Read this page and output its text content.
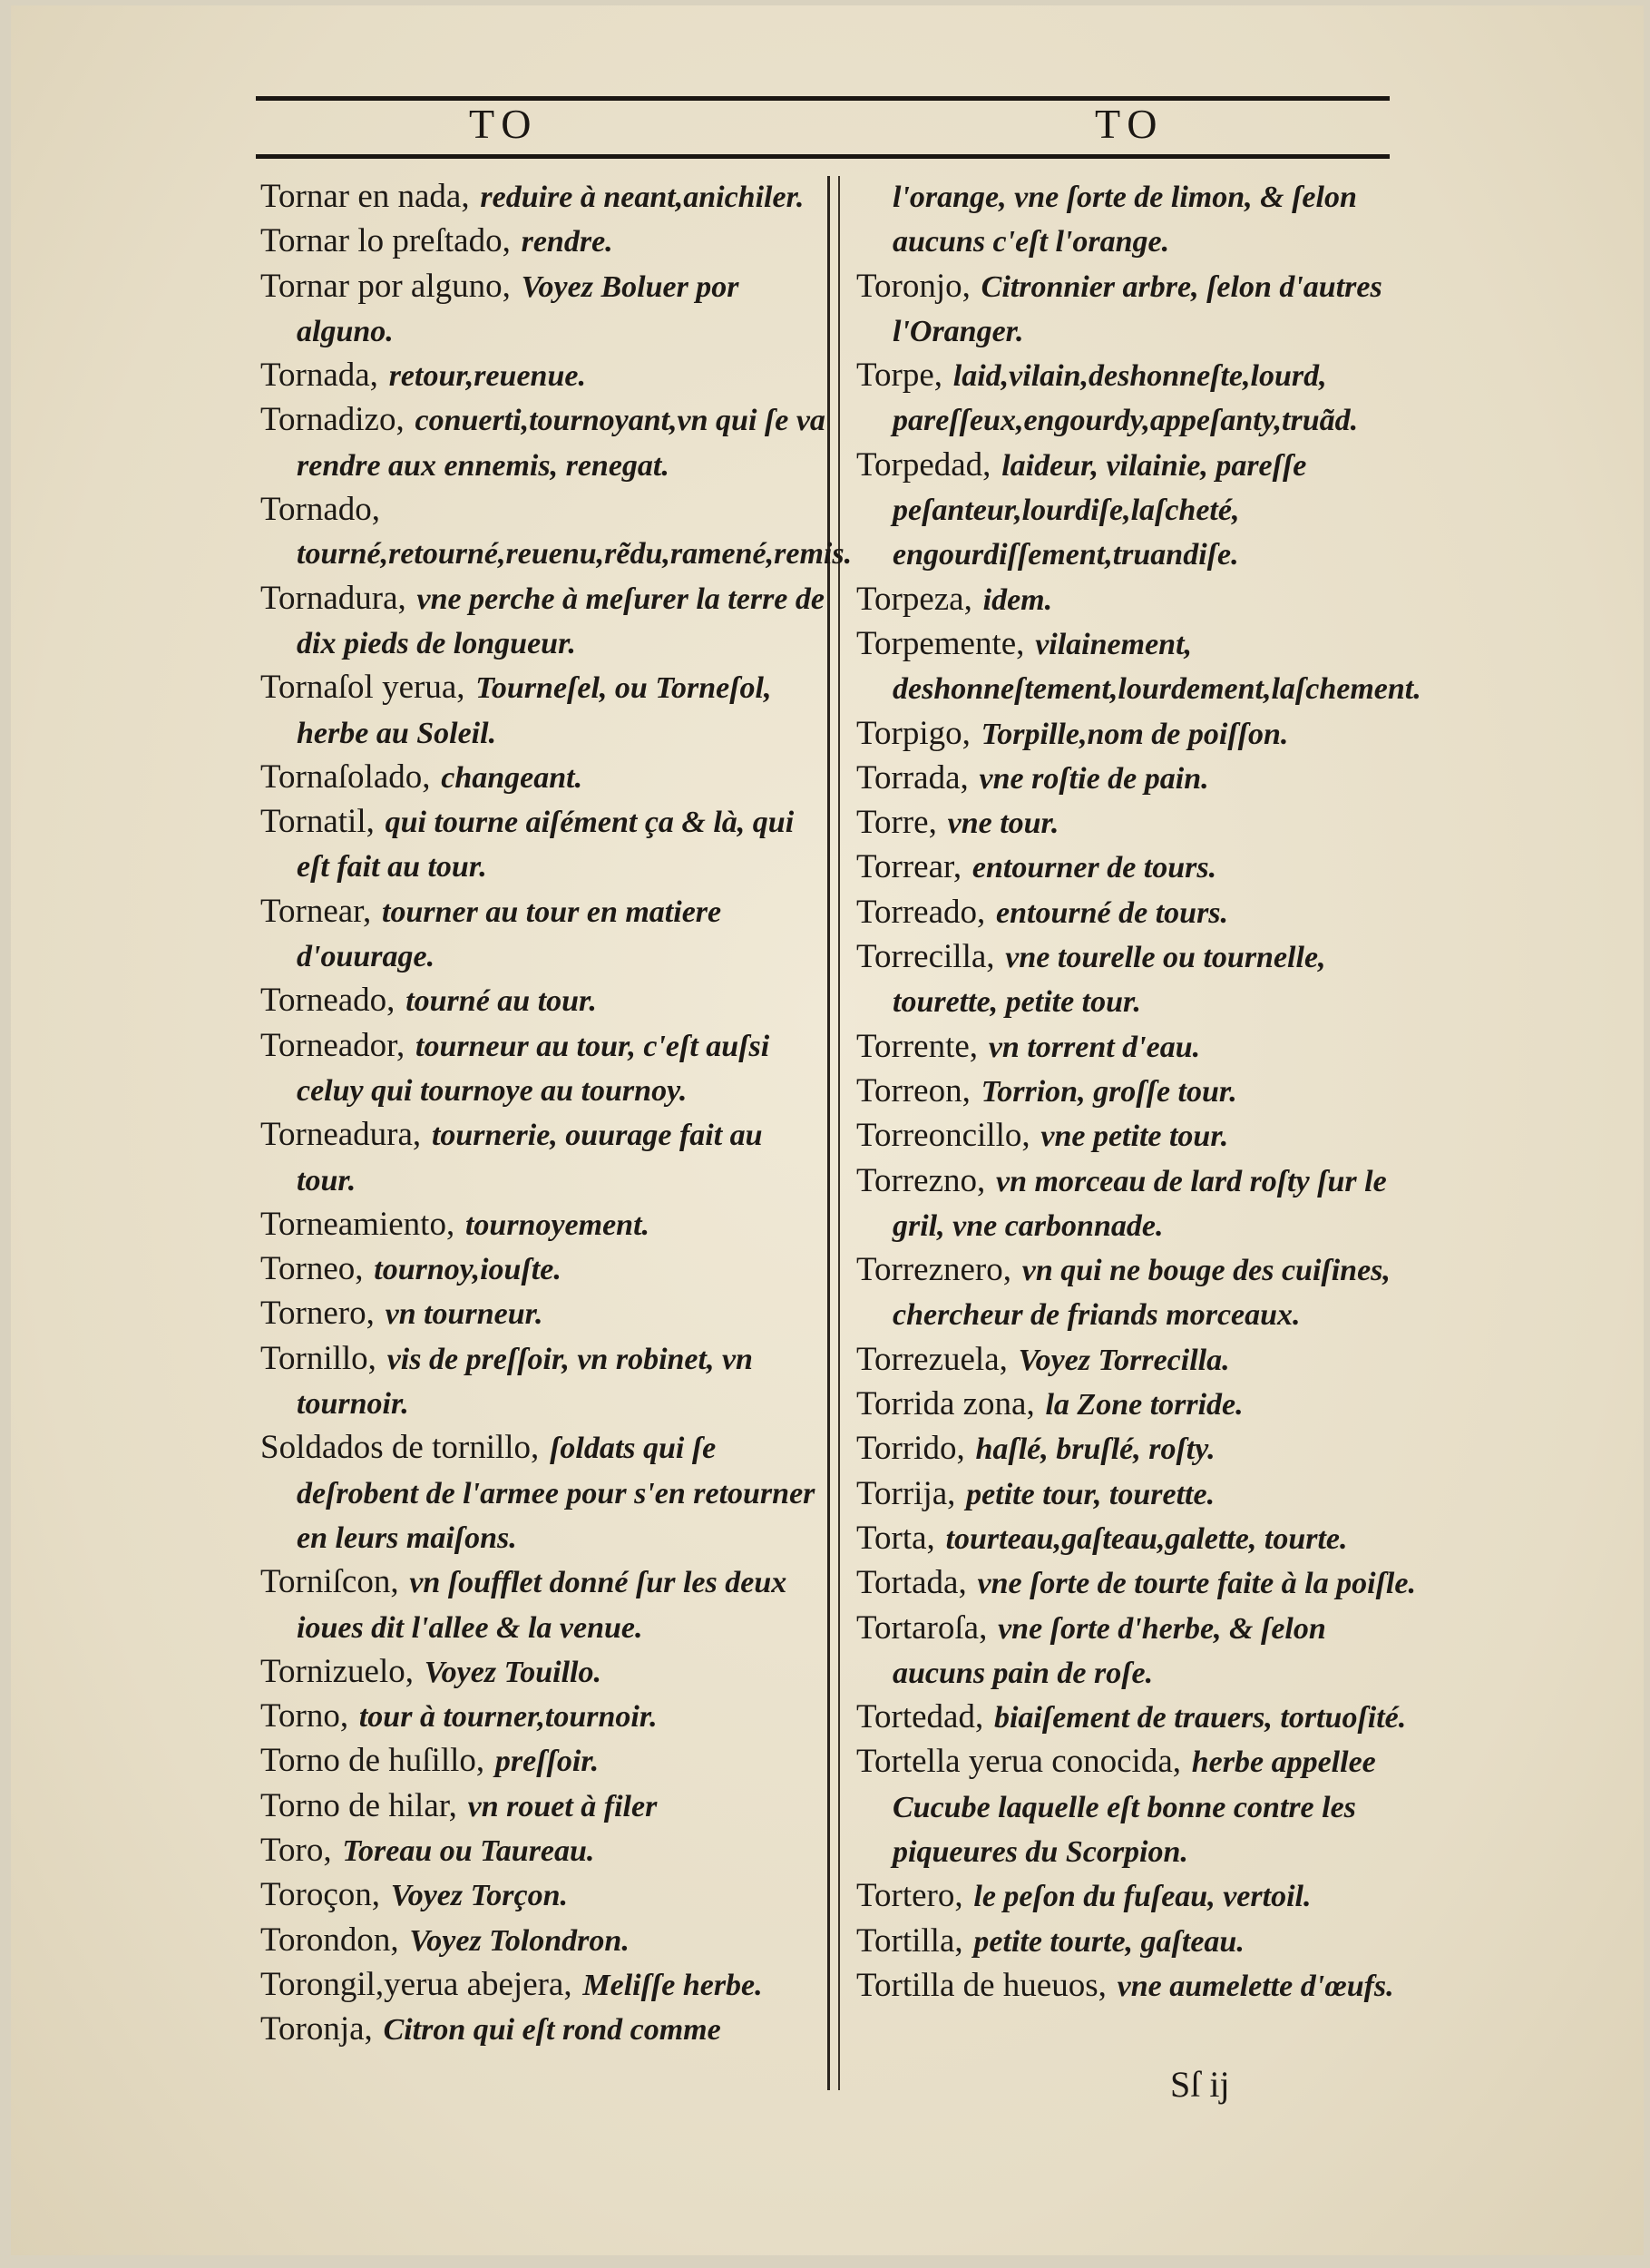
TO	TO

Tornar en nada, reduire à neant,anichiler.

Tornar lo preſtado, rendre.

Tornar por alguno, Voyez Boluer por alguno.

Tornada, retour,reuenue.

Tornadizo, conuerti,tournoyant,vn qui ſe va rendre aux ennemis, renegat.

Tornado, tourné,retourné,reuenu,rẽdu,ramené,remis.

Tornadura, vne perche à meſurer la terre de dix pieds de longueur.

Tornaſol yerua, Tourneſel, ou Torneſol, herbe au Soleil.

Tornaſolado, changeant.

Tornatil, qui tourne aiſément ça & là, qui eſt fait au tour.

Tornear, tourner au tour en matiere d'ouurage.

Torneado, tourné au tour.

Torneador, tourneur au tour, c'eſt auſsi celuy qui tournoye au tournoy.

Torneadura, tournerie, ouurage fait au tour.

Torneamiento, tournoyement.

Torneo, tournoy,iouſte.

Tornero, vn tourneur.

Tornillo, vis de preſſoir, vn robinet, vn tournoir.

Soldados de tornillo, ſoldats qui ſe deſrobent de l'armee pour s'en retourner en leurs maiſons.

Torniſcon, vn ſoufflet donné ſur les deux ioues dit l'allee & la venue.

Tornizuelo, Voyez Touillo.

Torno, tour à tourner,tournoir.

Torno de huſillo, preſſoir.

Torno de hilar, vn rouet à filer

Toro, Toreau ou Taureau.

Toroçon, Voyez Torçon.

Torondon, Voyez Tolondron.

Torongil,yerua abejera, Meliſſe herbe.

Toronja, Citron qui eſt rond comme

l'orange, vne ſorte de limon, & ſelon aucuns c'eſt l'orange.

Toronjo, Citronnier arbre, ſelon d'autres l'Oranger.

Torpe, laid,vilain,deshonneſte,lourd, pareſſeux,engourdy,appeſanty,truãd.

Torpedad, laideur, vilainie, pareſſe peſanteur,lourdiſe,laſcheté, engourdiſſement,truandiſe.

Torpeza, idem.

Torpemente, vilainement, deshonneſtement,lourdement,laſchement.

Torpigo, Torpille,nom de poiſſon.

Torrada, vne roſtie de pain.

Torre, vne tour.

Torrear, entourner de tours.

Torreado, entourné de tours.

Torrecilla, vne tourelle ou tournelle, tourette, petite tour.

Torrente, vn torrent d'eau.

Torreon, Torrion, groſſe tour.

Torreoncillo, vne petite tour.

Torrezno, vn morceau de lard roſty ſur le gril, vne carbonnade.

Torreznero, vn qui ne bouge des cuiſines, chercheur de friands morceaux.

Torrezuela, Voyez Torrecilla.

Torrida zona, la Zone torride.

Torrido, haſlé, bruſlé, roſty.

Torrija, petite tour, tourette.

Torta, tourteau,gaſteau,galette, tourte.

Tortada, vne ſorte de tourte faite à la poiſle.

Tortaroſa, vne ſorte d'herbe, & ſelon aucuns pain de roſe.

Tortedad, biaiſement de trauers, tortuoſité.

Tortella yerua conocida, herbe appellee Cucube laquelle eſt bonne contre les piqueures du Scorpion.

Tortero, le peſon du fuſeau, vertoil.

Tortilla, petite tourte, gaſteau.

Tortilla de hueuos, vne aumelette d'œufs.

Sſ ij
